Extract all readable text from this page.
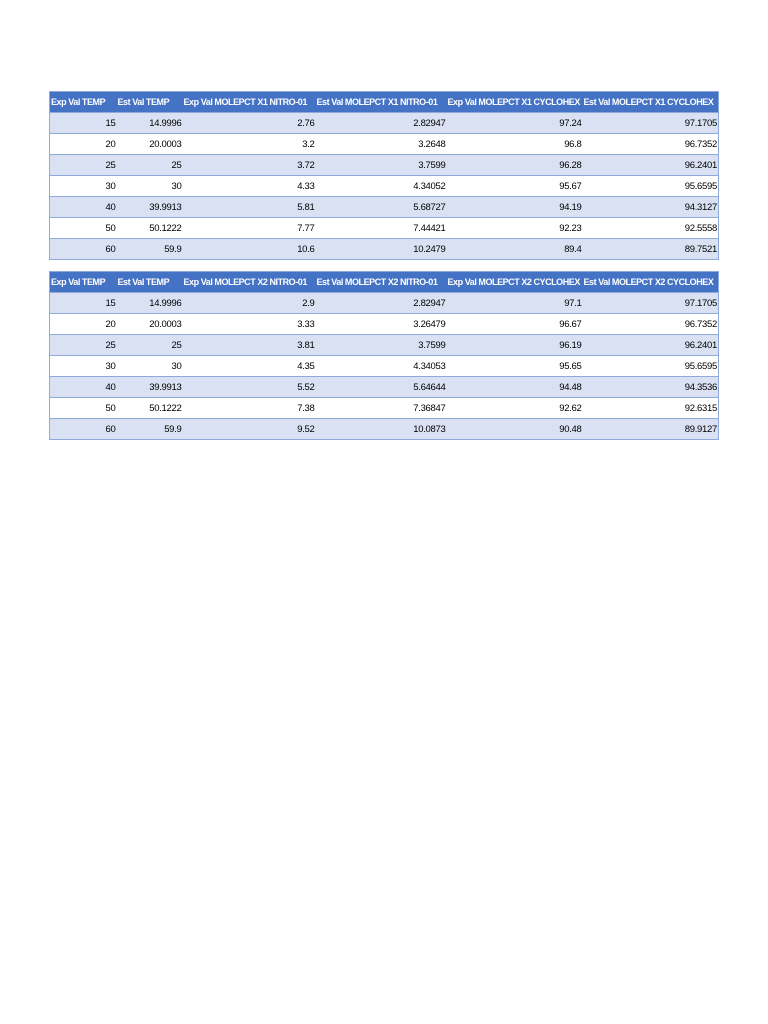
Exp Val TEMP	Est Val TEMP	Exp Val MOLEPCT X1 NITRO-01	Est Val MOLEPCT X1 NITRO-01	Exp Val MOLEPCT X1 CYCLOHEX	Est Val MOLEPCT X1 CYCLOHEX
15	14.9996	2.76	2.82947	97.24	97.1705
20	20.0003	3.2	3.2648	96.8	96.7352
25	25	3.72	3.7599	96.28	96.2401
30	30	4.33	4.34052	95.67	95.6595
40	39.9913	5.81	5.68727	94.19	94.3127
50	50.1222	7.77	7.44421	92.23	92.5558
60	59.9	10.6	10.2479	89.4	89.7521
Exp Val TEMP	Est Val TEMP	Exp Val MOLEPCT X2 NITRO-01	Est Val MOLEPCT X2 NITRO-01	Exp Val MOLEPCT X2 CYCLOHEX	Est Val MOLEPCT X2 CYCLOHEX
15	14.9996	2.9	2.82947	97.1	97.1705
20	20.0003	3.33	3.26479	96.67	96.7352
25	25	3.81	3.7599	96.19	96.2401
30	30	4.35	4.34053	95.65	95.6595
40	39.9913	5.52	5.64644	94.48	94.3536
50	50.1222	7.38	7.36847	92.62	92.6315
60	59.9	9.52	10.0873	90.48	89.9127
